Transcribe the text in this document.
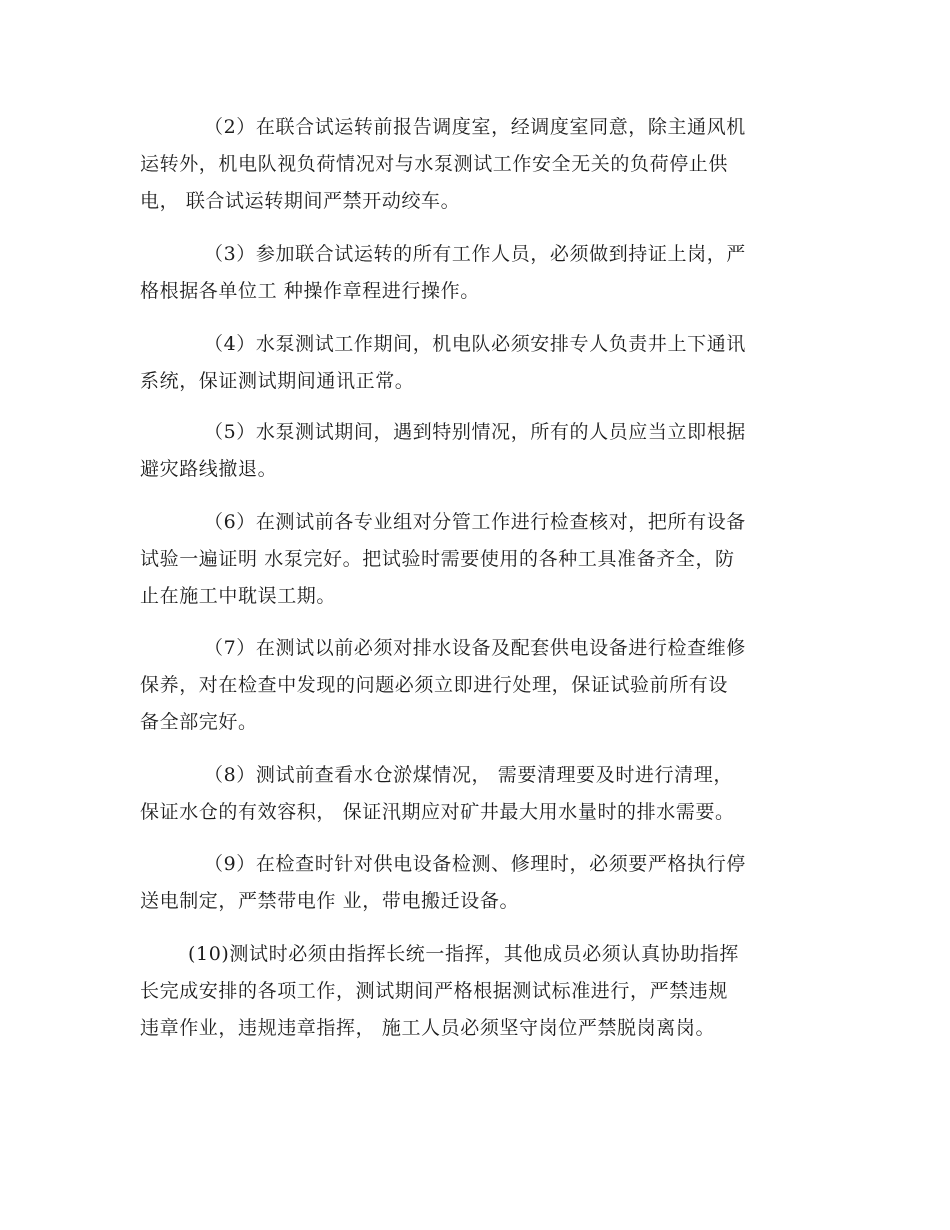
（2）在联合试运转前报告调度室，经调度室同意，除主通风机
运转外，机电队视负荷情况对与水泵测试工作安全无关的负荷停止供
电， 联合试运转期间严禁开动绞车。

（3）参加联合试运转的所有工作人员，必须做到持证上岗，严
格根据各单位工 种操作章程进行操作。

（4）水泵测试工作期间，机电队必须安排专人负责井上下通讯
系统，保证测试期间通讯正常。

（5）水泵测试期间，遇到特别情况，所有的人员应当立即根据
避灾路线撤退。

（6）在测试前各专业组对分管工作进行检查核对，把所有设备
试验一遍证明 水泵完好。把试验时需要使用的各种工具准备齐全，防
止在施工中耽误工期。

（7）在测试以前必须对排水设备及配套供电设备进行检查维修
保养，对在检查中发现的问题必须立即进行处理，保证试验前所有设
备全部完好。

（8）测试前查看水仓淤煤情况， 需要清理要及时进行清理，
保证水仓的有效容积， 保证汛期应对矿井最大用水量时的排水需要。

（9）在检查时针对供电设备检测、修理时，必须要严格执行停
送电制定，严禁带电作 业，带电搬迁设备。

(10)测试时必须由指挥长统一指挥，其他成员必须认真协助指挥
长完成安排的各项工作，测试期间严格根据测试标准进行，严禁违规
违章作业，违规违章指挥， 施工人员必须坚守岗位严禁脱岗离岗。
